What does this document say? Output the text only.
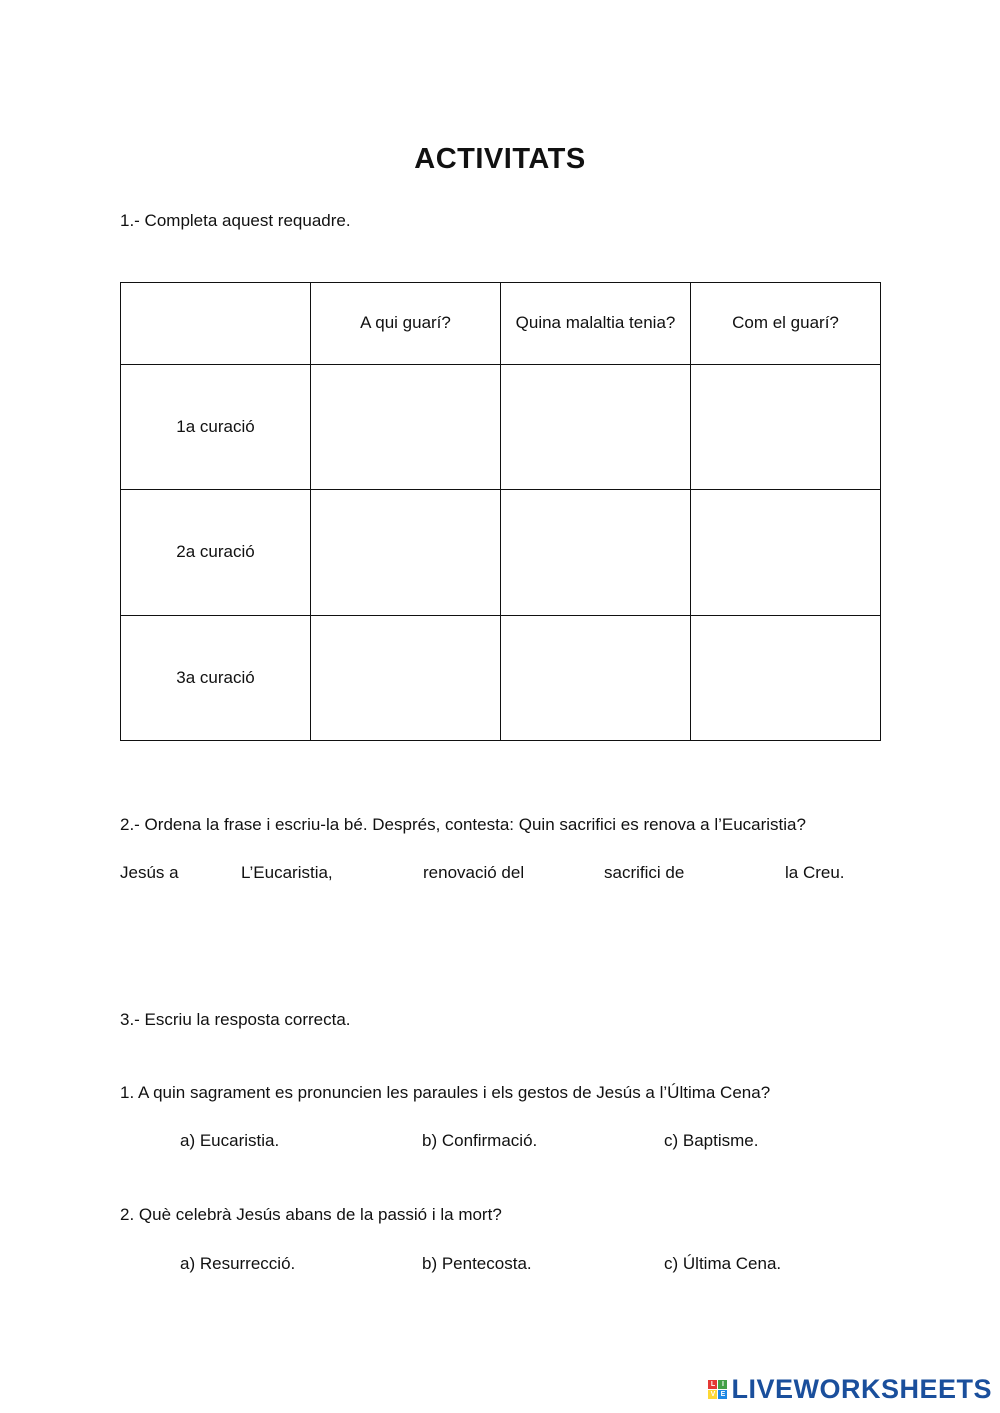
ACTIVITATS
1.- Completa aquest requadre.
	A qui guarí?	Quina malaltia tenia?	Com el guarí?
1a curació			
2a curació			
3a curació			
2.- Ordena la frase i escriu-la bé. Després, contesta: Quin sacrifici es renova a l’Eucaristia?
Jesús a	L’Eucaristia,	renovació del	sacrifici de	la Creu.
3.- Escriu la resposta correcta.
1. A quin sagrament es pronuncien les paraules i els gestos de Jesús a l’Última Cena?
a) Eucaristia.	b) Confirmació.	c) Baptisme.
2. Què celebrà Jesús abans de la passió i la mort?
a) Resurrecció.	b) Pentecosta.	c) Última Cena.
L I
V E LIVEWORKSHEETS
